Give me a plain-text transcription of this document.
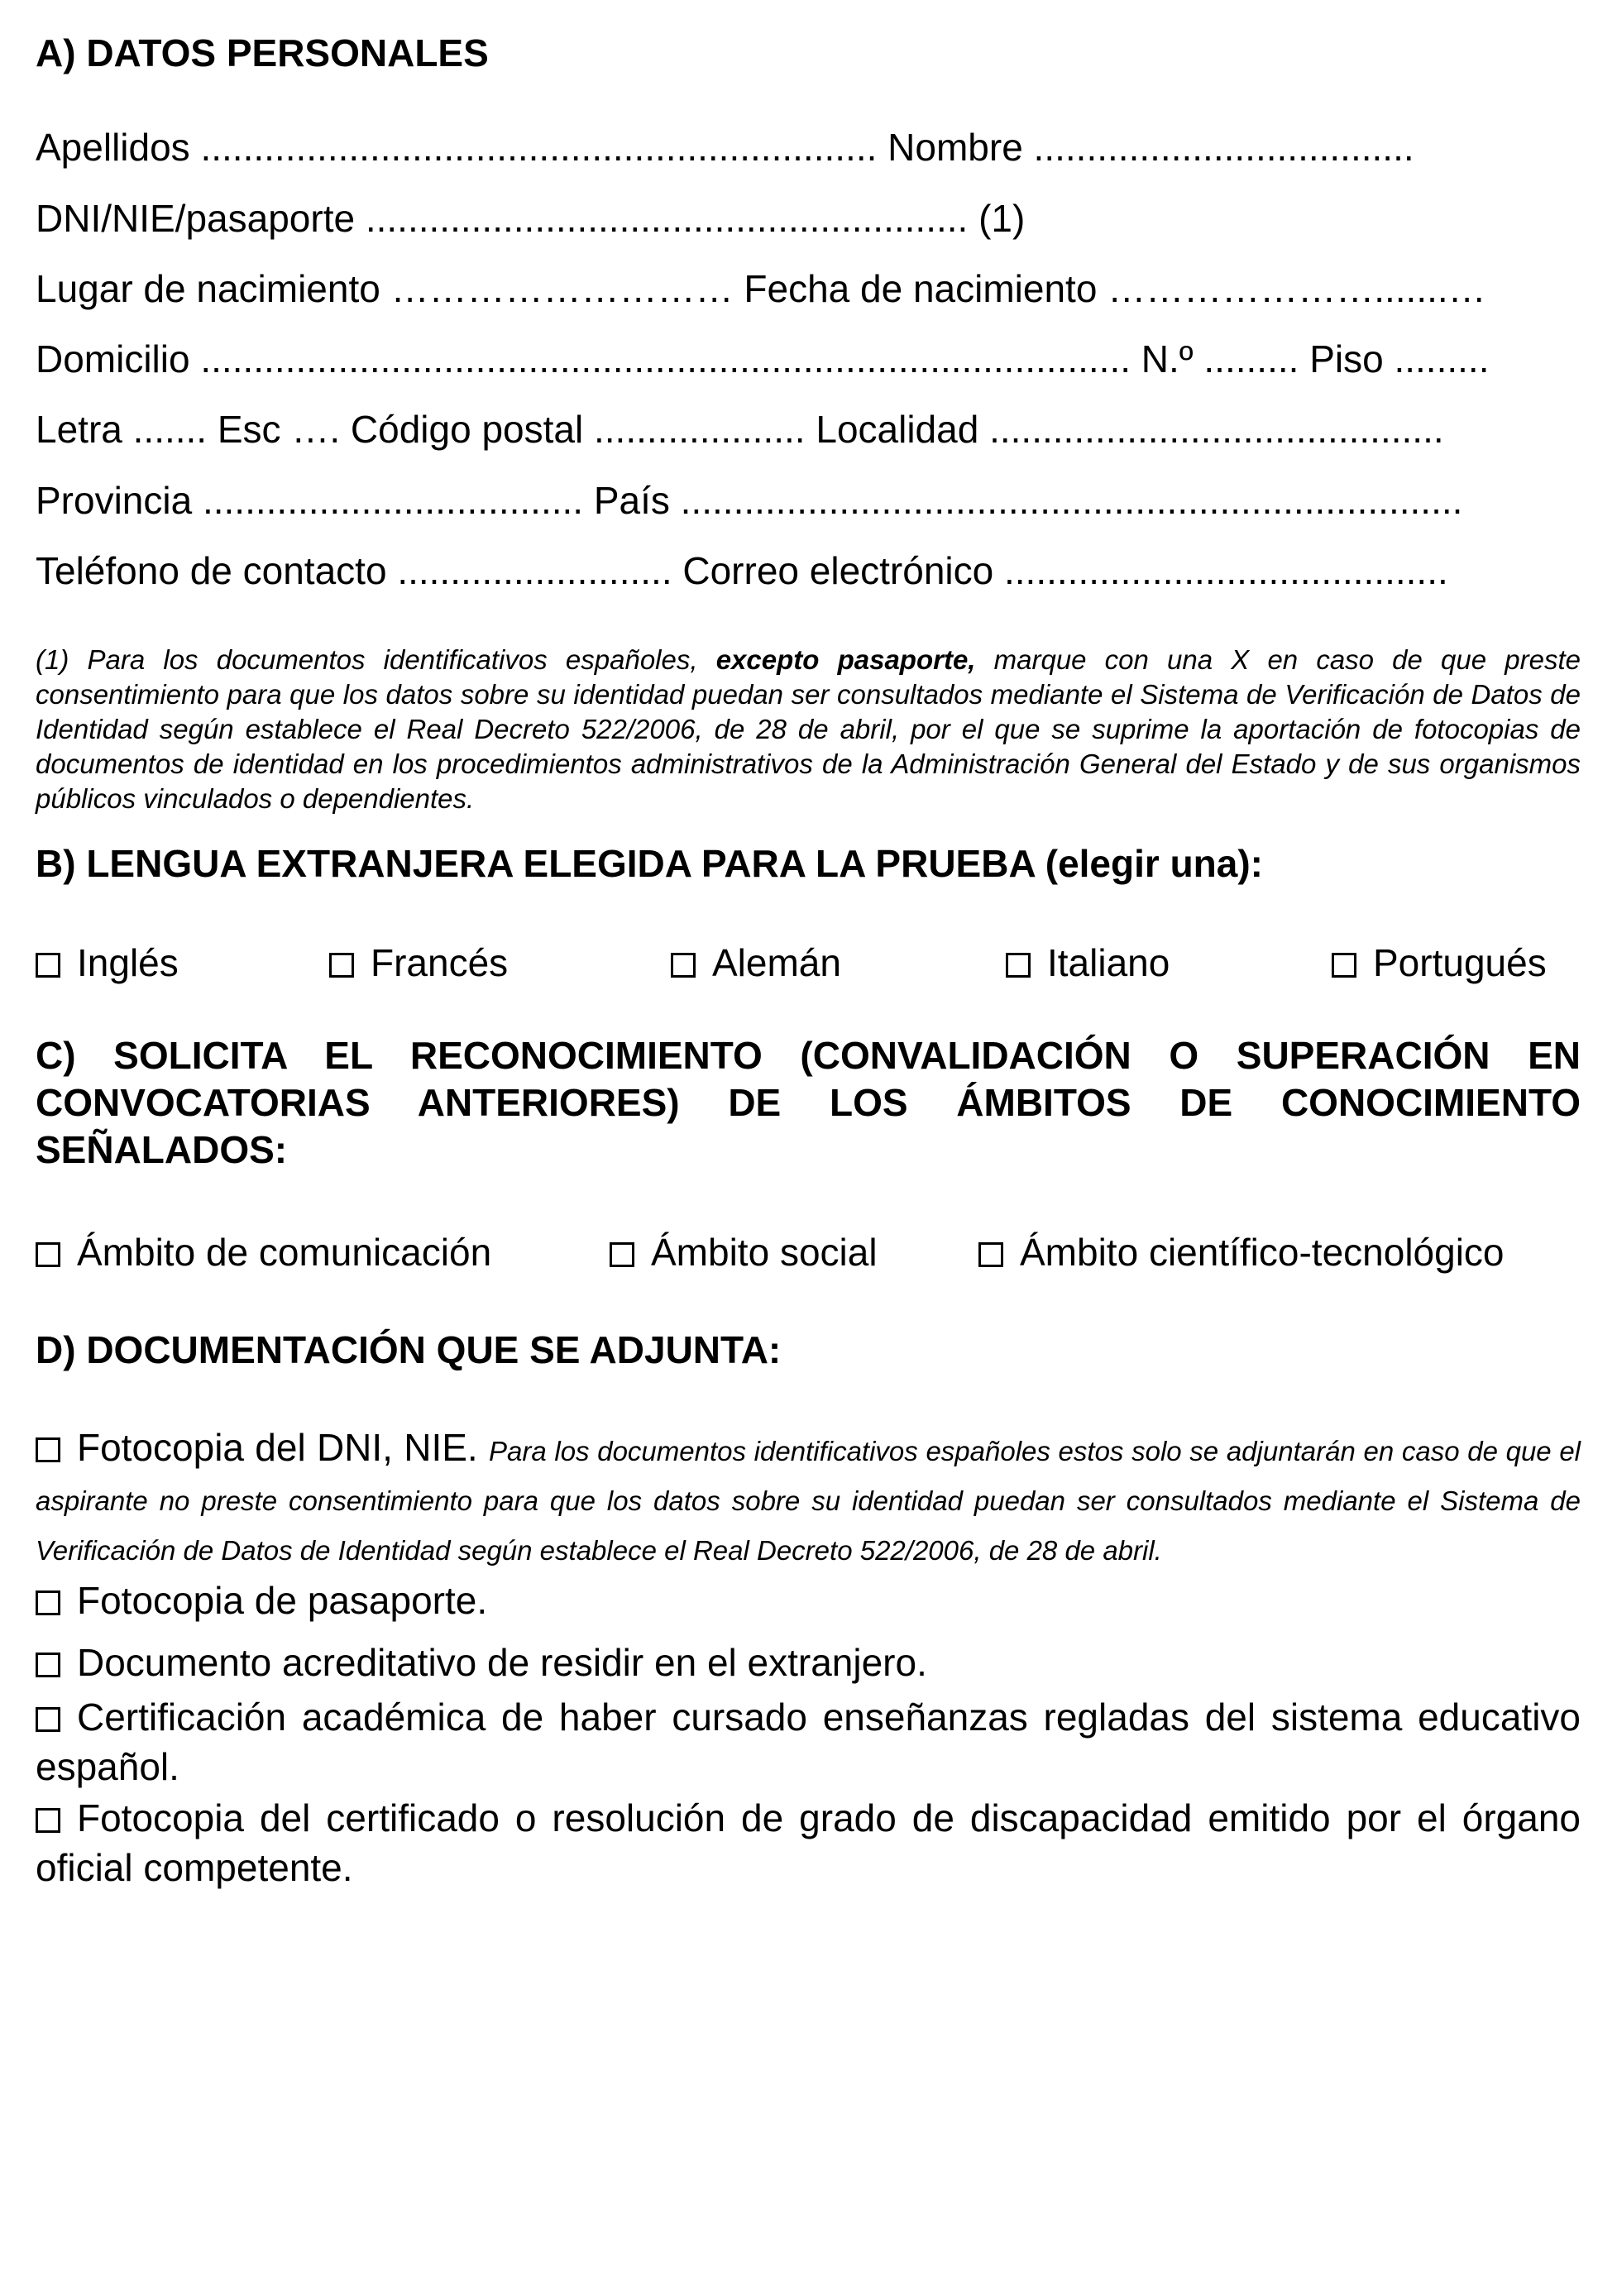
A) DATOS PERSONALES
Apellidos ................................................................ Nombre ....................................
DNI/NIE/pasaporte ......................................................... (1)
Lugar de nacimiento ……………………… Fecha de nacimiento ………………….......…
Domicilio ........................................................................................ N.º ......... Piso .........
Letra ....... Esc …. Código postal .................... Localidad ...........................................
Provincia .................................... País ..........................................................................
Teléfono de contacto .......................... Correo electrónico ..........................................

(1) Para los documentos identificativos españoles, excepto pasaporte, marque con una X en caso de que preste consentimiento para que los datos sobre su identidad puedan ser consultados mediante el Sistema de Verificación de Datos de Identidad según establece el Real Decreto 522/2006, de 28 de abril, por el que se suprime la aportación de fotocopias de documentos de identidad en los procedimientos administrativos de la Administración General del Estado y de sus organismos públicos vinculados o dependientes.

B) LENGUA EXTRANJERA ELEGIDA PARA LA PRUEBA (elegir una):
Inglés	Francés	Alemán	Italiano	Portugués
C) SOLICITA EL RECONOCIMIENTO (CONVALIDACIÓN O SUPERACIÓN EN CONVOCATORIAS ANTERIORES) DE LOS ÁMBITOS DE CONOCIMIENTO SEÑALADOS:
Ámbito de comunicación	Ámbito social	Ámbito científico-tecnológico
D) DOCUMENTACIÓN QUE SE ADJUNTA:
Fotocopia del DNI, NIE. Para los documentos identificativos españoles estos solo se adjuntarán en caso de que el aspirante no preste consentimiento para que los datos sobre su identidad puedan ser consultados mediante el Sistema de Verificación de Datos de Identidad según establece el Real Decreto 522/2006, de 28 de abril.
Fotocopia de pasaporte.
Documento acreditativo de residir en el extranjero.
Certificación académica de haber cursado enseñanzas regladas del sistema educativo español.
Fotocopia del certificado o resolución de grado de discapacidad emitido por el órgano oficial competente.
